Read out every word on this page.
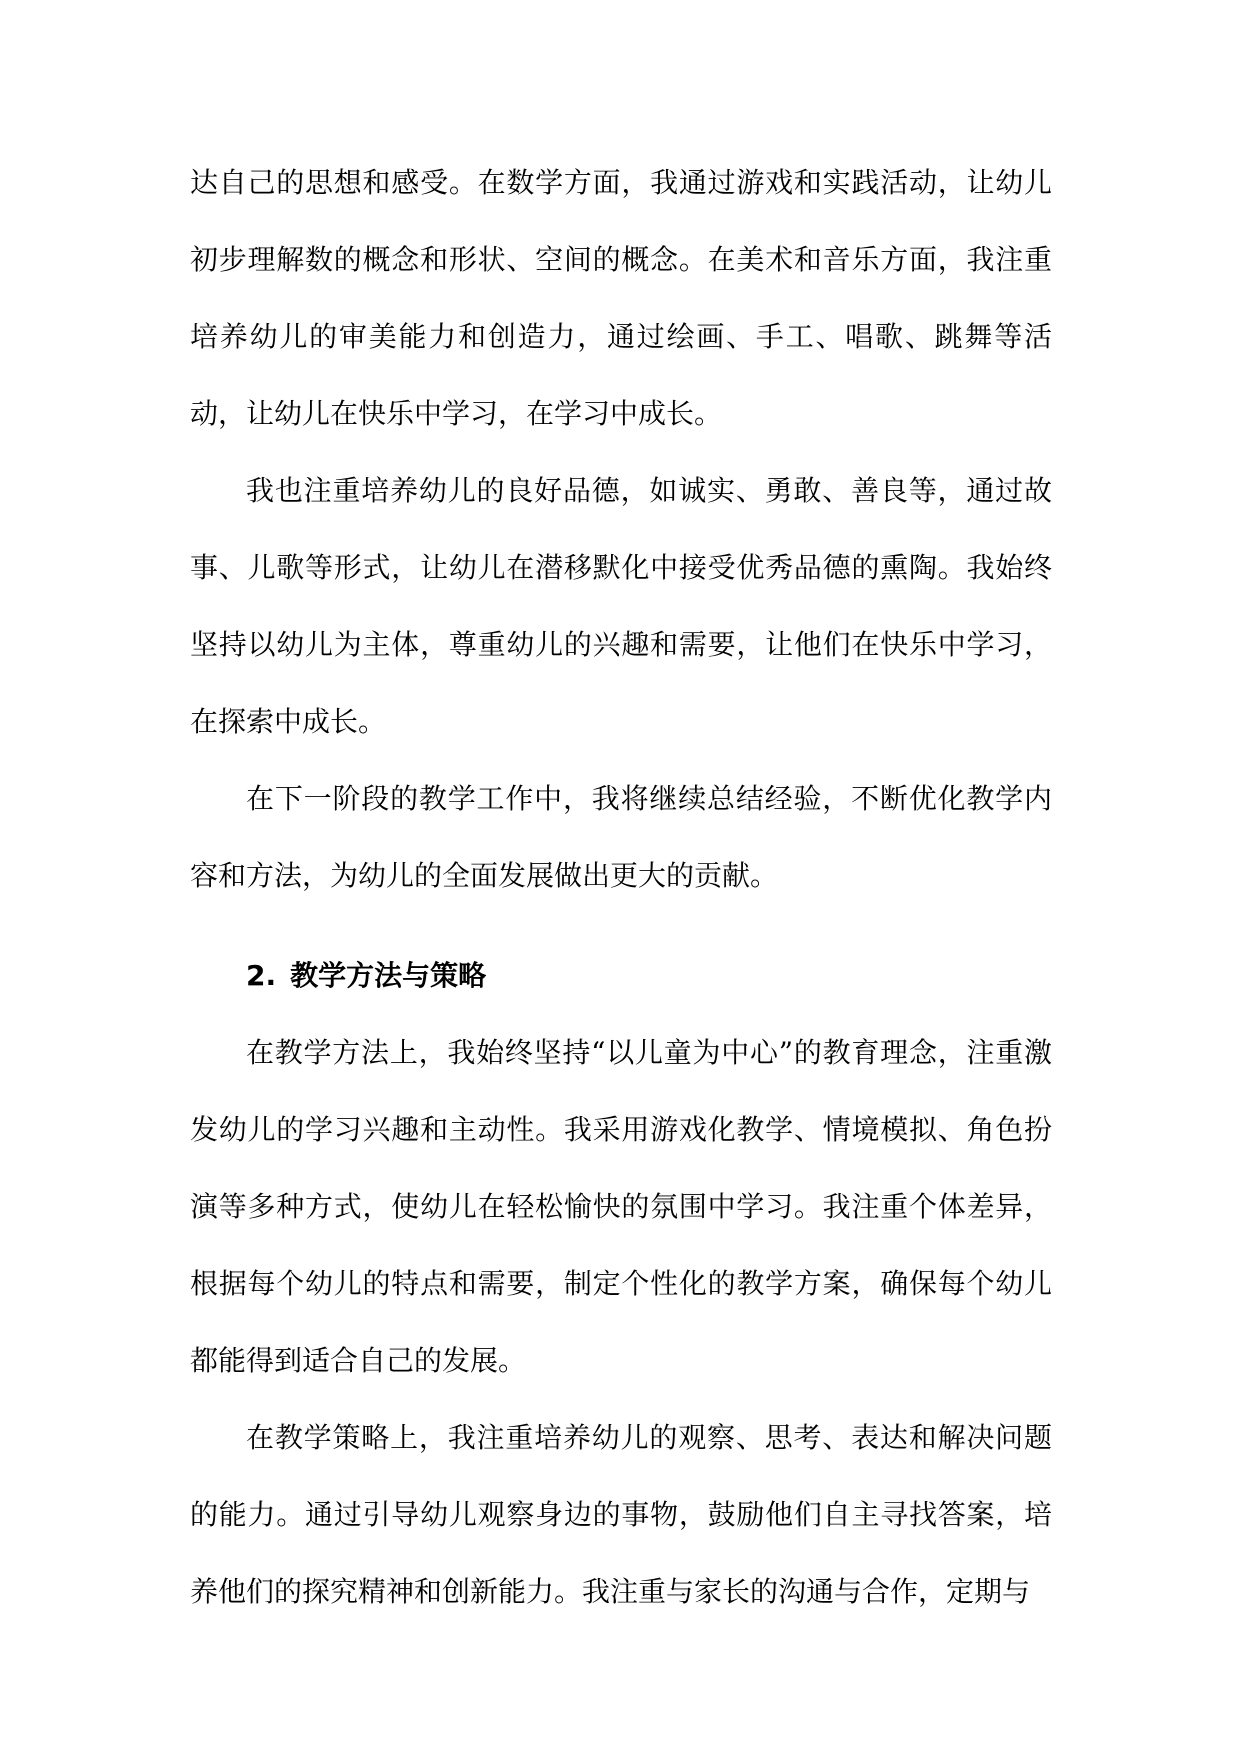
达自己的思想和感受。在数学方面，我通过游戏和实践活动，让幼儿初步理解数的概念和形状、空间的概念。在美术和音乐方面，我注重培养幼儿的审美能力和创造力，通过绘画、手工、唱歌、跳舞等活动，让幼儿在快乐中学习，在学习中成长。

我也注重培养幼儿的良好品德，如诚实、勇敢、善良等，通过故事、儿歌等形式，让幼儿在潜移默化中接受优秀品德的熏陶。我始终坚持以幼儿为主体，尊重幼儿的兴趣和需要，让他们在快乐中学习，在探索中成长。

在下一阶段的教学工作中，我将继续总结经验，不断优化教学内容和方法，为幼儿的全面发展做出更大的贡献。

2.  教学方法与策略

在教学方法上，我始终坚持“以儿童为中心”的教育理念，注重激发幼儿的学习兴趣和主动性。我采用游戏化教学、情境模拟、角色扮演等多种方式，使幼儿在轻松愉快的氛围中学习。我注重个体差异，根据每个幼儿的特点和需要，制定个性化的教学方案，确保每个幼儿都能得到适合自己的发展。

在教学策略上，我注重培养幼儿的观察、思考、表达和解决问题的能力。通过引导幼儿观察身边的事物，鼓励他们自主寻找答案，培养他们的探究精神和创新能力。我注重与家长的沟通与合作，定期与
